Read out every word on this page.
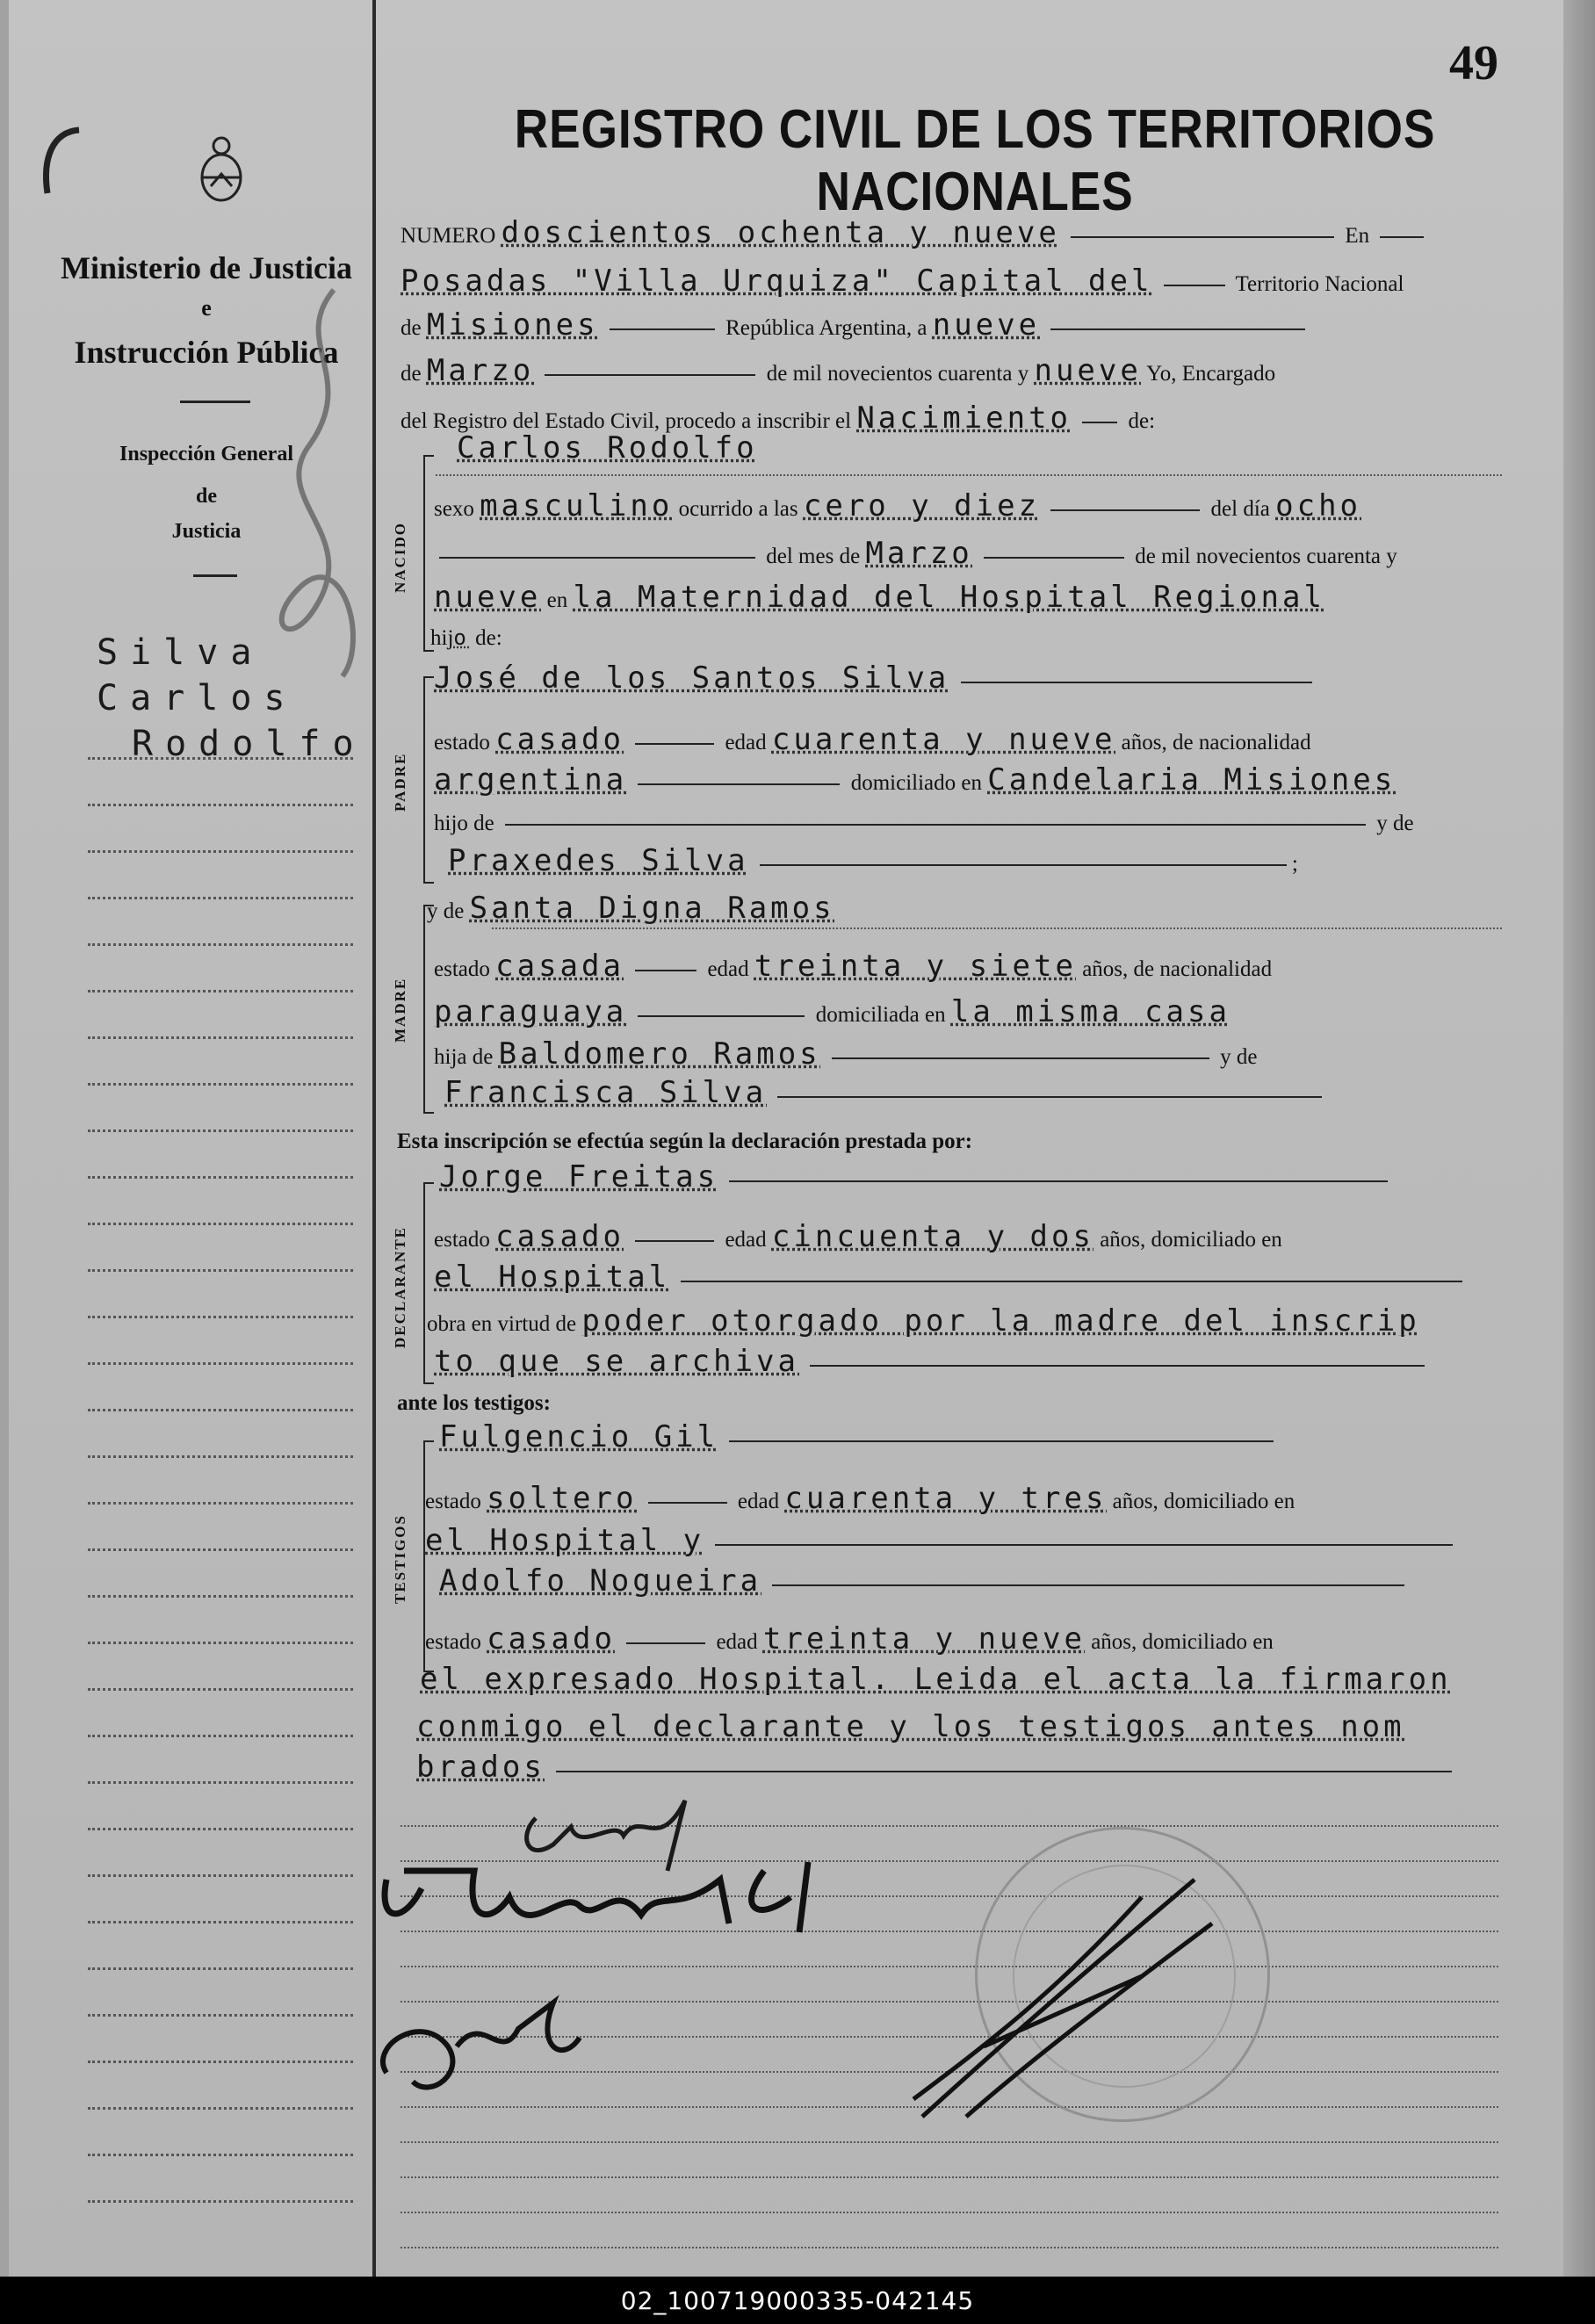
49
REGISTRO CIVIL DE LOS TERRITORIOS NACIONALES
Ministerio de Justicia
e
Instrucción Pública
Inspección General
de
Justicia
Silva
Carlos
Rodolfo
NUMERO doscientos ochenta y nueve	En
Posadas "Villa Urquiza" Capital del	Territorio Nacional
de Misiones	República Argentina, a nueve
de Marzo	de mil novecientos cuarenta y nueve Yo, Encargado
del Registro del Estado Civil, procedo a inscribir el Nacimiento	de:
Carlos Rodolfo
NACIDO
sexo masculino ocurrido a las cero y diez	del día ocho
del mes de Marzo	de mil novecientos cuarenta y
nueve en la Maternidad del Hospital Regional
hijo de:
PADRE
José de los Santos Silva
estado casado	edad cuarenta y nueve años, de nacionalidad
argentina	domiciliado en Candelaria Misiones
hijo de	y de
Praxedes Silva	;
MADRE
y de Santa Digna Ramos
estado casada	edad treinta y siete años, de nacionalidad
paraguaya	domiciliada en la misma casa
hija de Baldomero Ramos	y de
Francisca Silva
Esta inscripción se efectúa según la declaración prestada por:
DECLARANTE
Jorge Freitas
estado casado	edad cincuenta y dos años, domiciliado en
el Hospital
obra en virtud de poder otorgado por la madre del inscrip
to que se archiva
ante los testigos:
TESTIGOS
Fulgencio Gil
estado soltero	edad cuarenta y tres años, domiciliado en
el Hospital y
Adolfo Nogueira
estado casado	edad treinta y nueve años, domiciliado en
el expresado Hospital. Leida el acta la firmaron
conmigo el declarante y los testigos antes nom
brados
02_100719000335-042145
